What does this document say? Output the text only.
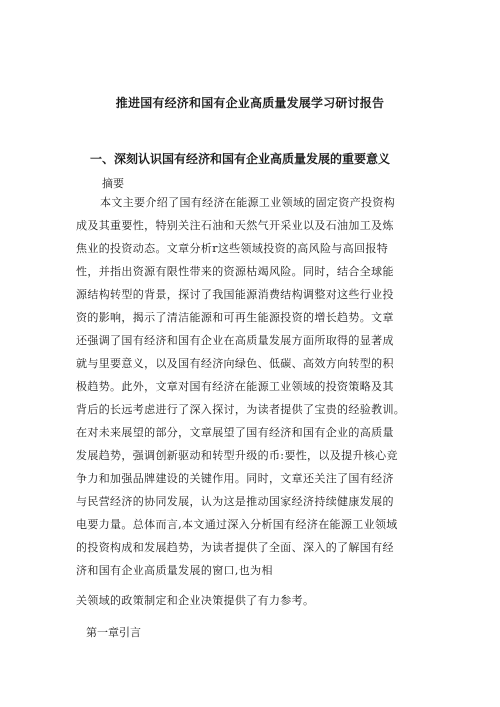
推进国有经济和国有企业高质量发展学习研讨报告
一、深刻认识国有经济和国有企业高质量发展的重要意义
摘要
本文主要介绍了国有经济在能源工业领域的固定资产投资构
成及其重要性，特别关注石油和天然气开采业以及石油加工及炼
焦业的投资动态。文章分析r这些领域投资的高风险与高回报特
性，并指出资源有限性带来的资源枯竭风险。同时，结合全球能
源结构转型的背景，探讨了我国能源消费结构调整对这些行业投
资的影响，揭示了清洁能源和可再生能源投资的增长趋势。文章
还强调了国有经济和国有企业在高质量发展方面所取得的显著成
就与里要意义，以及国有经济向绿色、低碳、高效方向转型的积
极趋势。此外，文章对国有经济在能源工业领域的投资策略及其
背后的长远考虑进行了深入探讨，为读者提供了宝贵的经验教训。
在对未来展望的部分，文章展望了国有经济和国有企业的高质量
发展趋势，强调创新驱动和转型升级的币:要性，以及提升核心竞
争力和加强品牌建设的关键作用。同时，文章还关注了国有经济
与民营经济的协同发展，认为这是推动国家经济持续健康发展的
电要力量。总体而言,本文通过深入分析国有经济在能源工业领域
的投资构成和发展趋势，为读者提供了全面、深入的了解国有经
济和国有企业高质量发展的窗口,也为相
关领域的政策制定和企业决策提供了有力参考。
第一章引言
